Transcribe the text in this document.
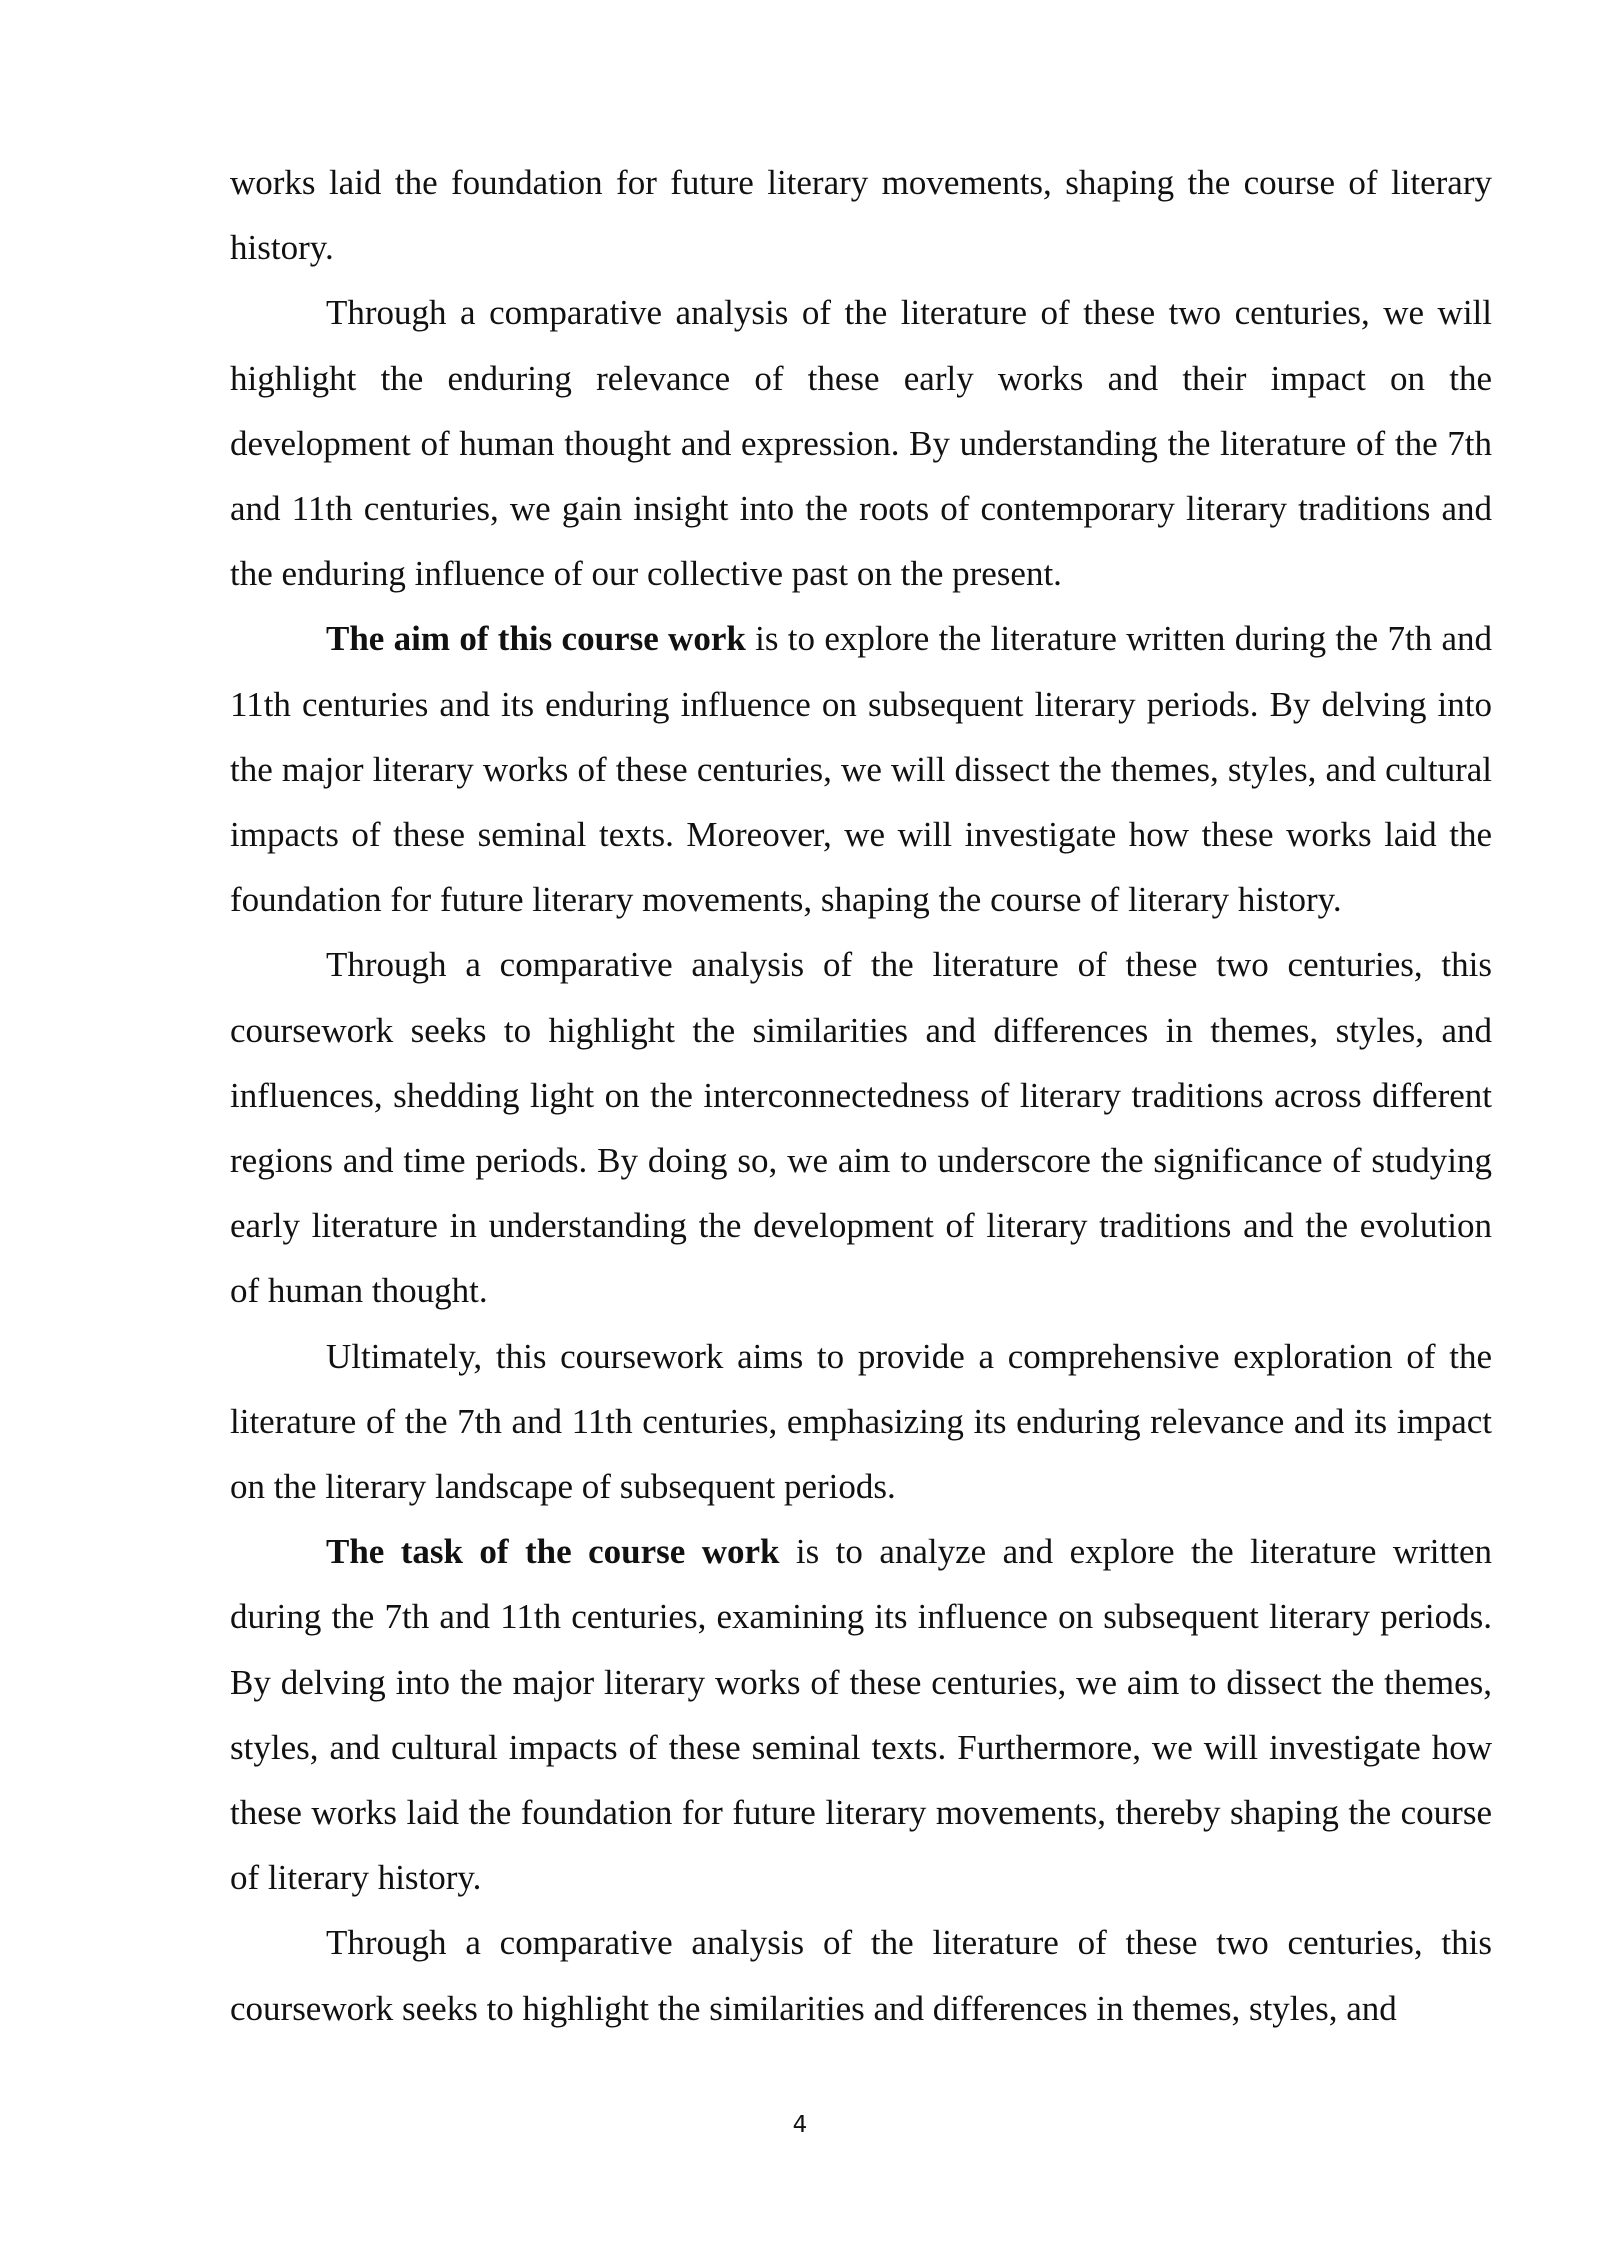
works laid the foundation for future literary movements, shaping the course of literary history.

Through a comparative analysis of the literature of these two centuries, we will highlight the enduring relevance of these early works and their impact on the development of human thought and expression. By understanding the literature of the 7th and 11th centuries, we gain insight into the roots of contemporary literary traditions and the enduring influence of our collective past on the present.

The aim of this course work is to explore the literature written during the 7th and 11th centuries and its enduring influence on subsequent literary periods. By delving into the major literary works of these centuries, we will dissect the themes, styles, and cultural impacts of these seminal texts. Moreover, we will investigate how these works laid the foundation for future literary movements, shaping the course of literary history.

Through a comparative analysis of the literature of these two centuries, this coursework seeks to highlight the similarities and differences in themes, styles, and influences, shedding light on the interconnectedness of literary traditions across different regions and time periods. By doing so, we aim to underscore the significance of studying early literature in understanding the development of literary traditions and the evolution of human thought.

Ultimately, this coursework aims to provide a comprehensive exploration of the literature of the 7th and 11th centuries, emphasizing its enduring relevance and its impact on the literary landscape of subsequent periods.

The task of the course work is to analyze and explore the literature written during the 7th and 11th centuries, examining its influence on subsequent literary periods. By delving into the major literary works of these centuries, we aim to dissect the themes, styles, and cultural impacts of these seminal texts. Furthermore, we will investigate how these works laid the foundation for future literary movements, thereby shaping the course of literary history.

Through a comparative analysis of the literature of these two centuries, this coursework seeks to highlight the similarities and differences in themes, styles, and

4
